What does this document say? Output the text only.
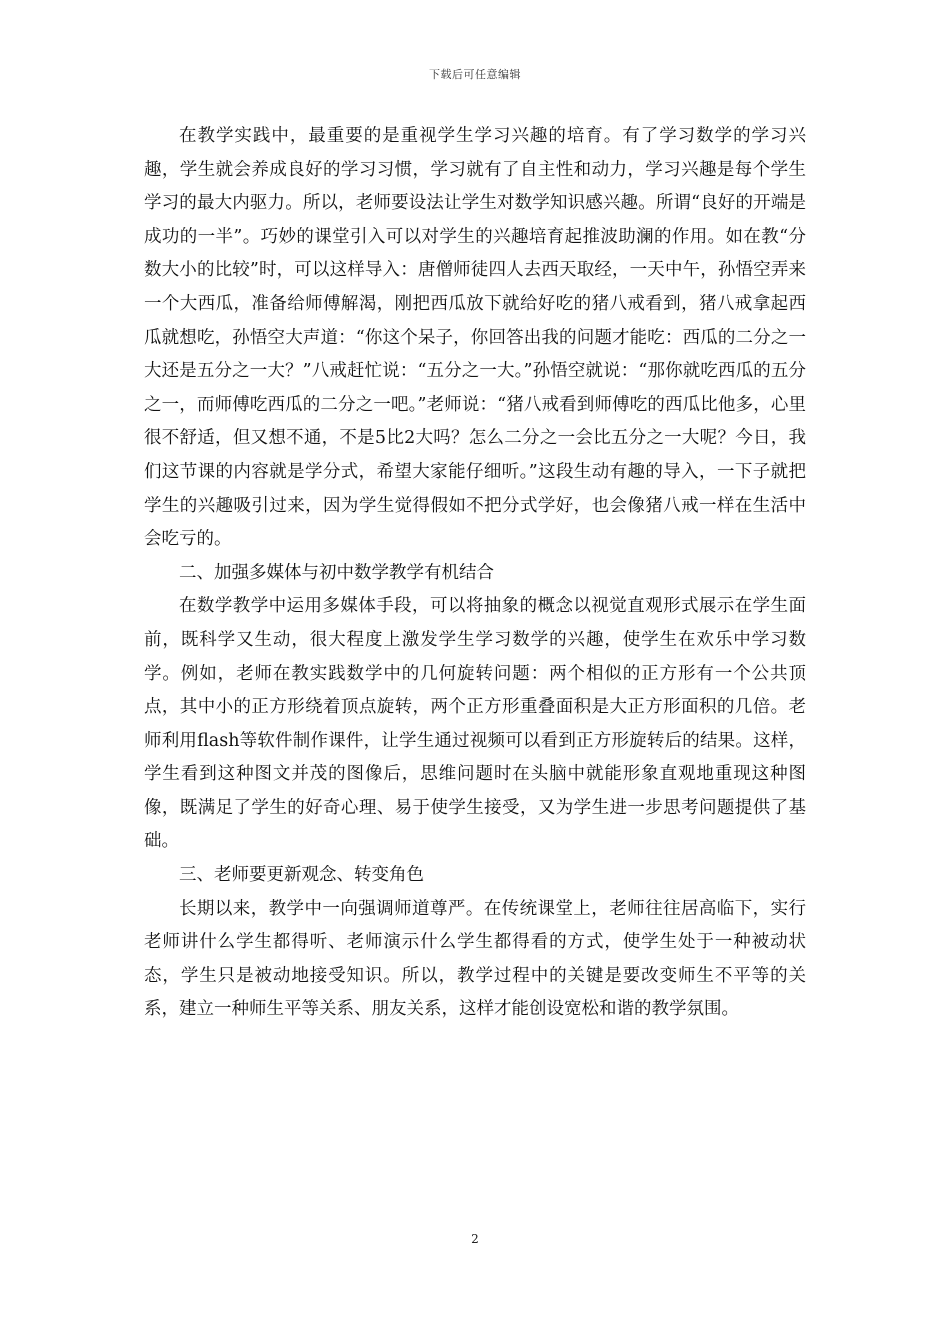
下载后可任意编辑

在教学实践中，最重要的是重视学生学习兴趣的培育。有了学习数学的学习兴趣，学生就会养成良好的学习习惯，学习就有了自主性和动力，学习兴趣是每个学生学习的最大内驱力。所以，老师要设法让学生对数学知识感兴趣。所谓“良好的开端是成功的一半”。巧妙的课堂引入可以对学生的兴趣培育起推波助澜的作用。如在教“分数大小的比较”时，可以这样导入：唐僧师徒四人去西天取经，一天中午，孙悟空弄来一个大西瓜，准备给师傅解渴，刚把西瓜放下就给好吃的猪八戒看到，猪八戒拿起西瓜就想吃，孙悟空大声道：“你这个呆子，你回答出我的问题才能吃：西瓜的二分之一大还是五分之一大？”八戒赶忙说：“五分之一大。”孙悟空就说：“那你就吃西瓜的五分之一，而师傅吃西瓜的二分之一吧。”老师说：“猪八戒看到师傅吃的西瓜比他多，心里很不舒适，但又想不通，不是5比2大吗？怎么二分之一会比五分之一大呢？今日，我们这节课的内容就是学分式，希望大家能仔细听。”这段生动有趣的导入，一下子就把学生的兴趣吸引过来，因为学生觉得假如不把分式学好，也会像猪八戒一样在生活中会吃亏的。

二、加强多媒体与初中数学教学有机结合

在数学教学中运用多媒体手段，可以将抽象的概念以视觉直观形式展示在学生面前，既科学又生动，很大程度上激发学生学习数学的兴趣，使学生在欢乐中学习数学。例如，老师在教实践数学中的几何旋转问题：两个相似的正方形有一个公共顶点，其中小的正方形绕着顶点旋转，两个正方形重叠面积是大正方形面积的几倍。老师利用flash等软件制作课件，让学生通过视频可以看到正方形旋转后的结果。这样，学生看到这种图文并茂的图像后，思维问题时在头脑中就能形象直观地重现这种图像，既满足了学生的好奇心理、易于使学生接受，又为学生进一步思考问题提供了基础。

三、老师要更新观念、转变角色

长期以来，教学中一向强调师道尊严。在传统课堂上，老师往往居高临下，实行老师讲什么学生都得听、老师演示什么学生都得看的方式，使学生处于一种被动状态，学生只是被动地接受知识。所以，教学过程中的关键是要改变师生不平等的关系，建立一种师生平等关系、朋友关系，这样才能创设宽松和谐的教学氛围。

2
